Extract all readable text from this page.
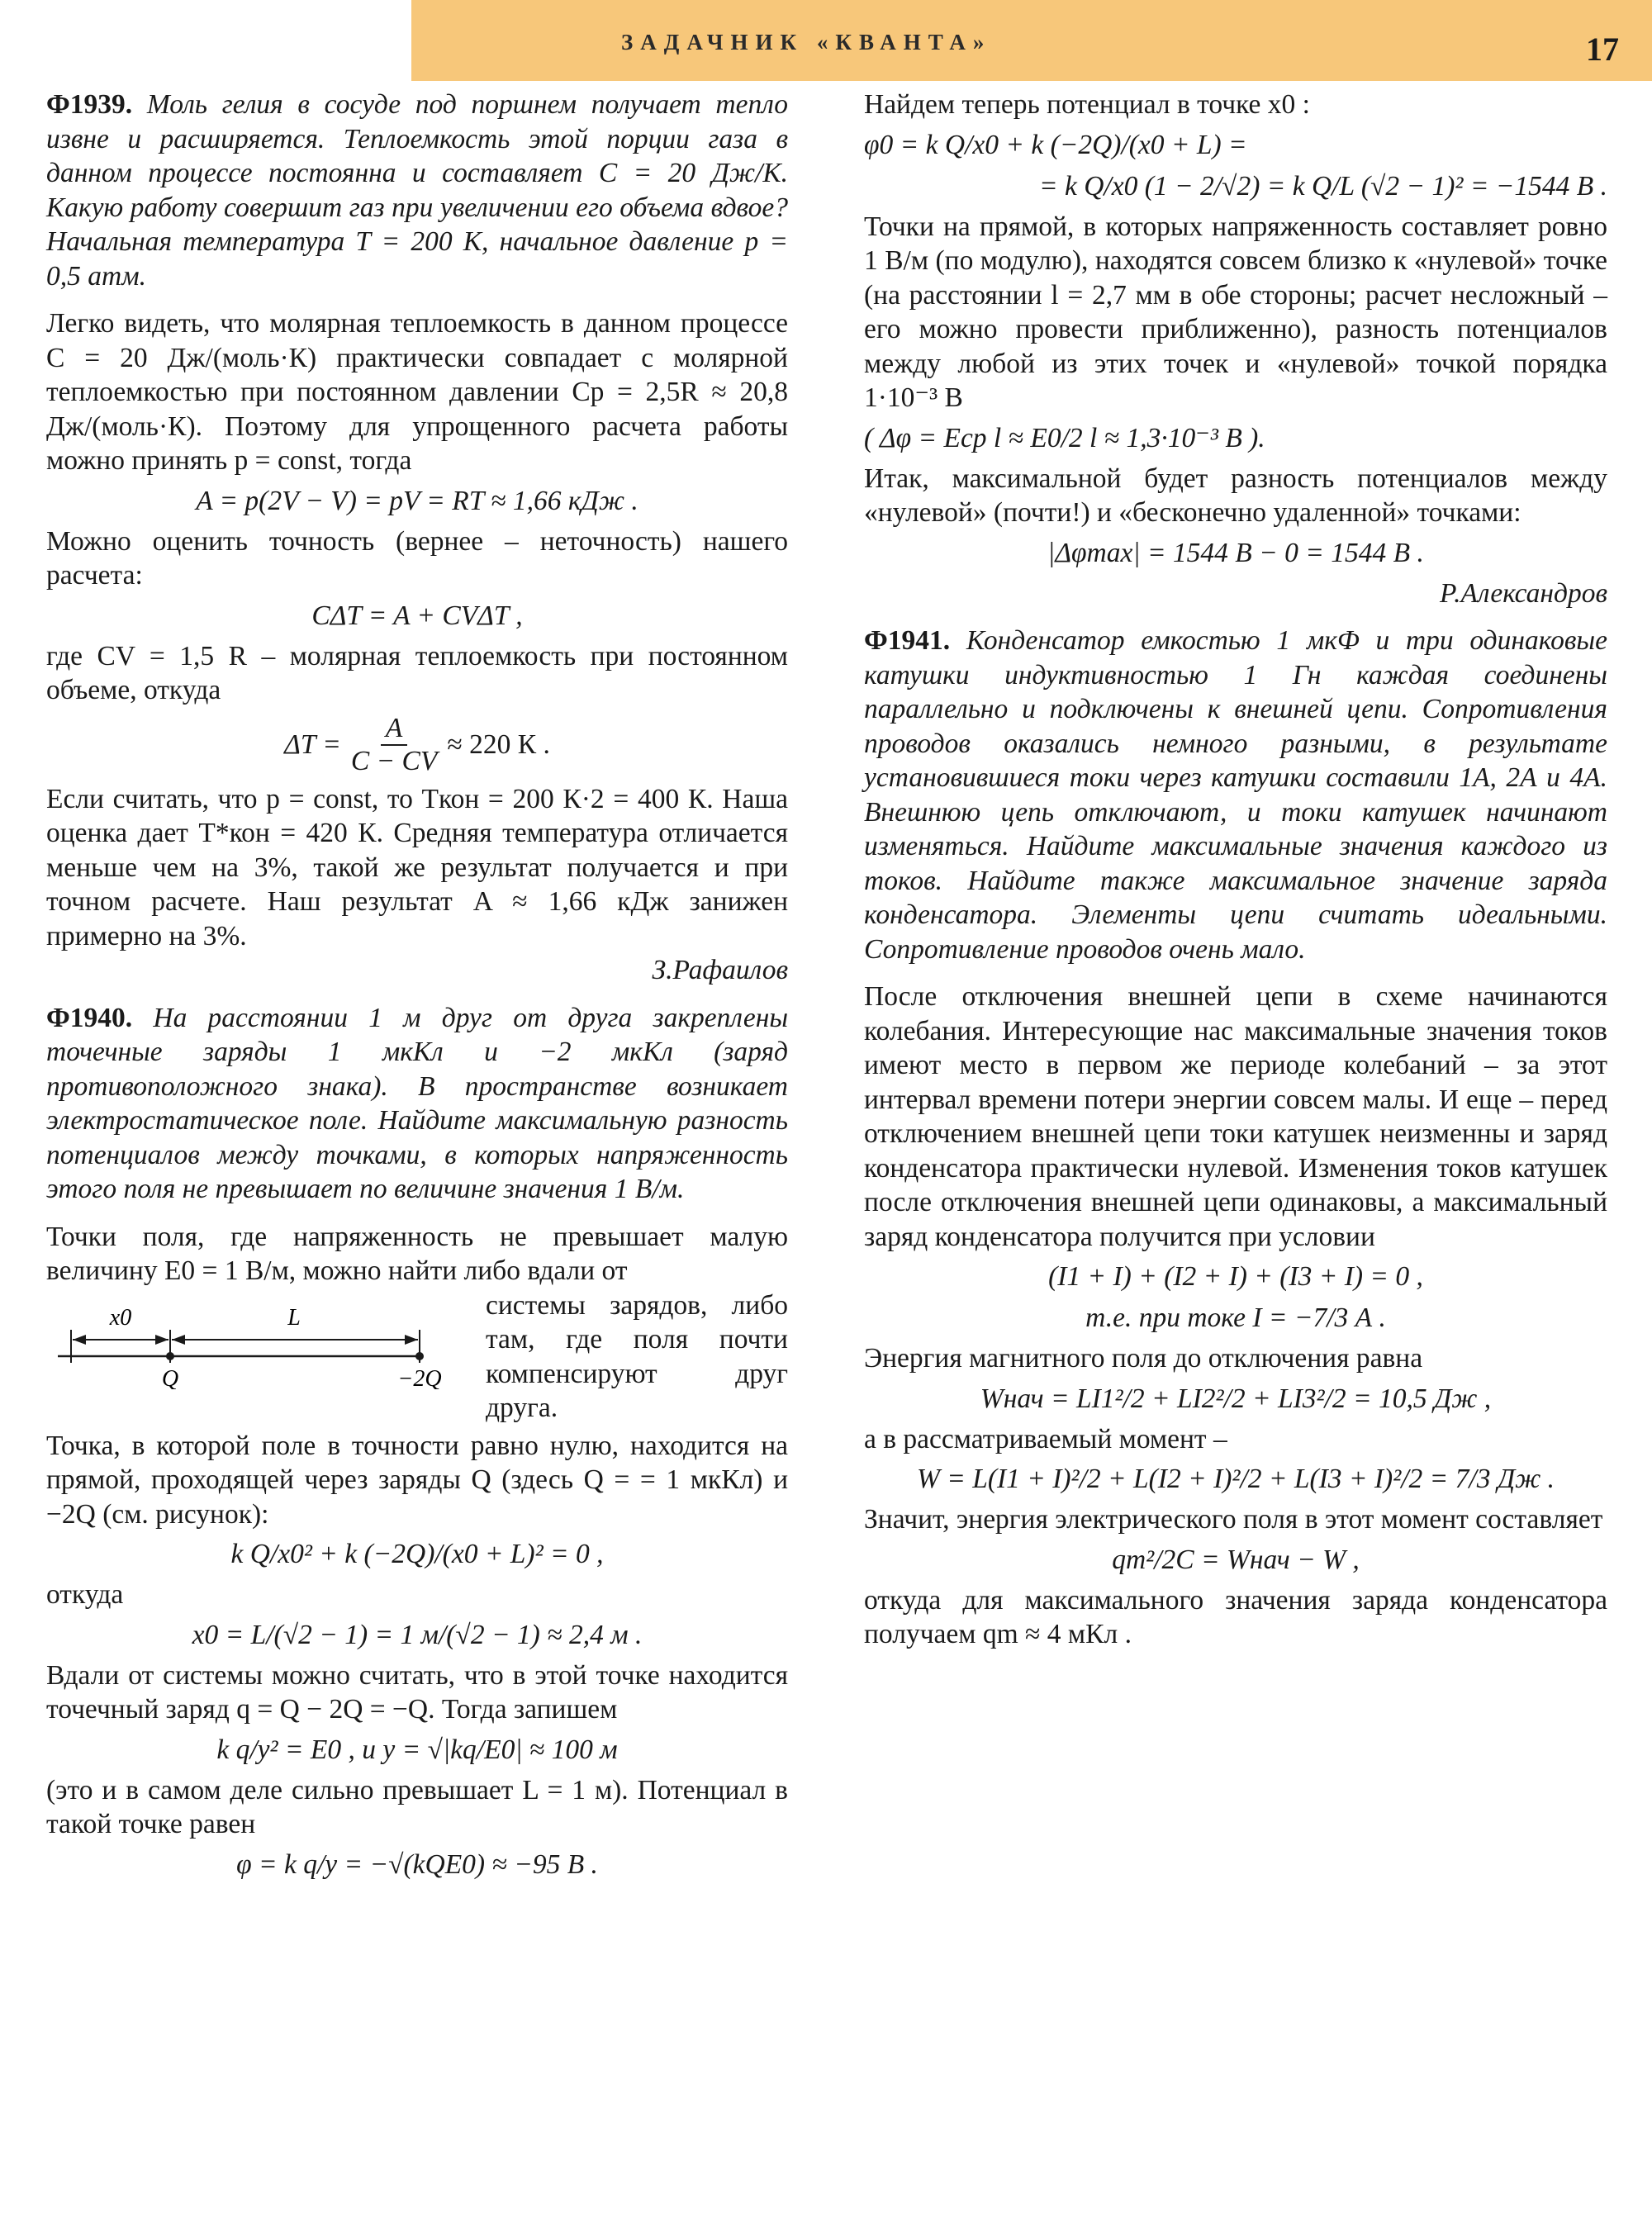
ЗАДАЧНИК «КВАНТА»	17

Ф1939. Моль гелия в сосуде под поршнем получает тепло извне и расширяется. Теплоемкость этой порции газа в данном процессе постоянна и составляет C = 20 Дж/К. Какую работу совершит газ при увеличении его объема вдвое? Начальная температура T = 200 К, начальное давление p = 0,5 атм.

Легко видеть, что молярная теплоемкость в данном процессе C = 20 Дж/(моль·К) практически совпадает с молярной теплоемкостью при постоянном давлении Cp = 2,5R ≈ 20,8 Дж/(моль·К). Поэтому для упрощенного расчета работы можно принять p = const, тогда

A = p(2V − V) = pV = RT ≈ 1,66 кДж .

Можно оценить точность (вернее – неточность) нашего расчета:

CΔT = A + CVΔT ,

где CV = 1,5 R – молярная теплоемкость при постоянном объеме, откуда

$\Delta T = \frac{A}{C - CV} \approx 220$ К .

Если считать, что p = const, то Tкон = 200 К·2 = 400 К. Наша оценка дает T*кон = 420 К. Средняя температура отличается меньше чем на 3%, такой же результат получается и при точном расчете. Наш результат A ≈ 1,66 кДж занижен примерно на 3%.

З.Рафаилов

Ф1940. На расстоянии 1 м друг от друга закреплены точечные заряды 1 мкКл и −2 мкКл (заряд противоположного знака). В пространстве возникает электростатическое поле. Найдите максимальную разность потенциалов между точками, в которых напряженность этого поля не превышает по величине значения 1 В/м.

Точки поля, где напряженность не превышает малую величину E0 = 1 В/м, можно найти либо вдали от

x0	L
Q	−2Q

системы зарядов, либо там, где поля почти компенсируют друг друга.

Точка, в которой поле в точности равно нулю, находится на прямой, проходящей через заряды Q (здесь Q = = 1 мкКл) и −2Q (см. рисунок):

k Q/x0² + k (−2Q)/(x0 + L)² = 0 ,

откуда

x0 = L/(√2 − 1) = 1 м/(√2 − 1) ≈ 2,4 м .

Вдали от системы можно считать, что в этой точке находится точечный заряд q = Q − 2Q = −Q. Тогда запишем

k q/y² = E0 , и y = √|kq/E0| ≈ 100 м

(это и в самом деле сильно превышает L = 1 м). Потенциал в такой точке равен

φ = k q/y = −√(kQE0) ≈ −95 В .

Найдем теперь потенциал в точке x0 :

φ0 = k Q/x0 + k (−2Q)/(x0 + L) =
= k Q/x0 (1 − 2/√2) = k Q/L (√2 − 1)² = −1544 В .

Точки на прямой, в которых напряженность составляет ровно 1 В/м (по модулю), находятся совсем близко к «нулевой» точке (на расстоянии l = 2,7 мм в обе стороны; расчет несложный – его можно провести приближенно), разность потенциалов между любой из этих точек и «нулевой» точкой порядка 1·10⁻³ В

( Δφ = Eср l ≈ E0/2 l ≈ 1,3·10⁻³ В ).

Итак, максимальной будет разность потенциалов между «нулевой» (почти!) и «бесконечно удаленной» точками:

|Δφmax| = 1544 В − 0 = 1544 В .
Р.Александров

Ф1941. Конденсатор емкостью 1 мкФ и три одинаковые катушки индуктивностью 1 Гн каждая соединены параллельно и подключены к внешней цепи. Сопротивления проводов оказались немного разными, в результате установившиеся токи через катушки составили 1А, 2А и 4А. Внешнюю цепь отключают, и токи катушек начинают изменяться. Найдите максимальные значения каждого из токов. Найдите также максимальное значение заряда конденсатора. Элементы цепи считать идеальными. Сопротивление проводов очень мало.

После отключения внешней цепи в схеме начинаются колебания. Интересующие нас максимальные значения токов имеют место в первом же периоде колебаний – за этот интервал времени потери энергии совсем малы. И еще – перед отключением внешней цепи токи катушек неизменны и заряд конденсатора практически нулевой. Изменения токов катушек после отключения внешней цепи одинаковы, а максимальный заряд конденсатора получится при условии

(I1 + I) + (I2 + I) + (I3 + I) = 0 ,
т.е. при токе I = −7/3 А .

Энергия магнитного поля до отключения равна

Wнач = LI1²/2 + LI2²/2 + LI3²/2 = 10,5 Дж ,

а в рассматриваемый момент –

W = L(I1 + I)²/2 + L(I2 + I)²/2 + L(I3 + I)²/2 = 7/3 Дж .

Значит, энергия электрического поля в этот момент составляет

qm²/2C = Wнач − W ,

откуда для максимального значения заряда конденсатора получаем qm ≈ 4 мКл .
